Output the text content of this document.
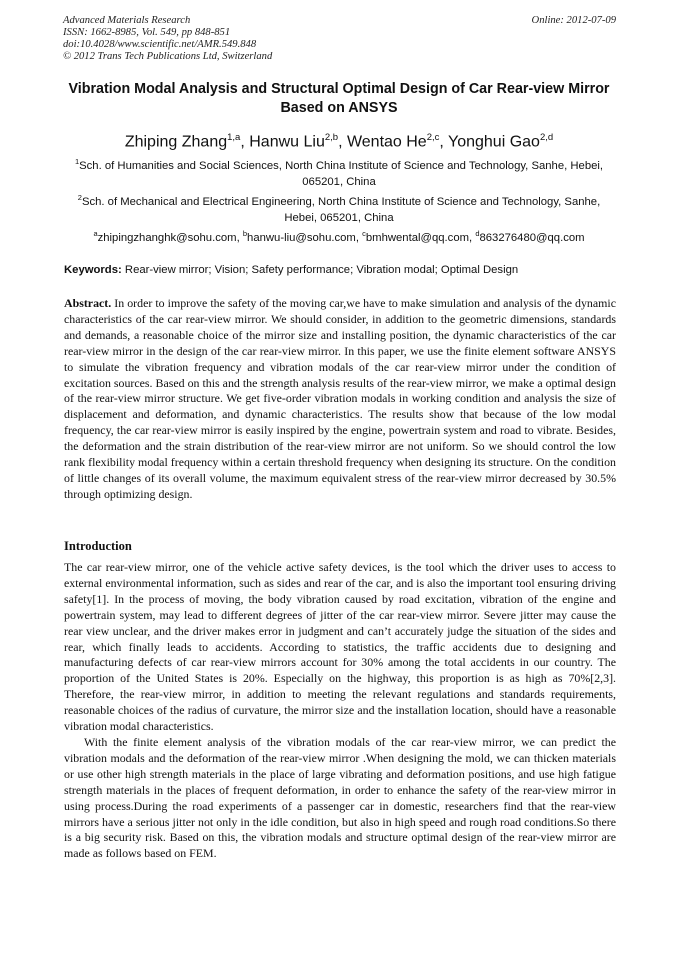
Advanced Materials Research
ISSN: 1662-8985, Vol. 549, pp 848-851
doi:10.4028/www.scientific.net/AMR.549.848
© 2012 Trans Tech Publications Ltd, Switzerland
Online: 2012-07-09
Vibration Modal Analysis and Structural Optimal Design of Car Rear-view Mirror Based on ANSYS
Zhiping Zhang$^{1,a}$, Hanwu Liu$^{2,b}$, Wentao He$^{2,c}$, Yonghui Gao$^{2,d}$
$^1$Sch. of Humanities and Social Sciences, North China Institute of Science and Technology, Sanhe, Hebei, 065201, China
$^2$Sch. of Mechanical and Electrical Engineering, North China Institute of Science and Technology, Sanhe, Hebei, 065201, China
$^a$zhipingzhanghk@sohu.com, $^b$hanwu-liu@sohu.com, $^c$bmhwental@qq.com, $^d$863276480@qq.com
Keywords: Rear-view mirror; Vision; Safety performance; Vibration modal; Optimal Design
Abstract. In order to improve the safety of the moving car,we have to make simulation and analysis of the dynamic characteristics of the car rear-view mirror. We should consider, in addition to the geometric dimensions, standards and demands, a reasonable choice of the mirror size and installing position, the dynamic characteristics of the car rear-view mirror in the design of the car rear-view mirror. In this paper, we use the finite element software ANSYS to simulate the vibration frequency and vibration modals of the car rear-view mirror under the condition of excitation sources. Based on this and the strength analysis results of the rear-view mirror, we make a optimal design of the rear-view mirror structure. We get five-order vibration modals in working condition and analysis the size of displacement and deformation, and dynamic characteristics. The results show that because of the low modal frequency, the car rear-view mirror is easily inspired by the engine, powertrain system and road to vibrate. Besides, the deformation and the strain distribution of the rear-view mirror are not uniform. So we should control the low rank flexibility modal frequency within a certain threshold frequency when designing its structure. On the condition of little changes of its overall volume, the maximum equivalent stress of the rear-view mirror decreased by 30.5% through optimizing design.
Introduction

The car rear-view mirror, one of the vehicle active safety devices, is the tool which the driver uses to access to external environmental information, such as sides and rear of the car, and is also the important tool ensuring driving safety[1]. In the process of moving, the body vibration caused by road excitation, vibration of the engine and powertrain system, may lead to different degrees of jitter of the car rear-view mirror. Severe jitter may cause the rear view unclear, and the driver makes error in judgment and can’t accurately judge the situation of the sides and rear, which finally leads to accidents. According to statistics, the traffic accidents due to designing and manufacturing defects of car rear-view mirrors account for 30% among the total accidents in our country. The proportion of the United States is 20%. Especially on the highway, this proportion is as high as 70%[2,3]. Therefore, the rear-view mirror, in addition to meeting the relevant regulations and standards requirements, reasonable choices of the radius of curvature, the mirror size and the installation location, should have a reasonable vibration modal characteristics.

With the finite element analysis of the vibration modals of the car rear-view mirror, we can predict the vibration modals and the deformation of the rear-view mirror .When designing the mold, we can thicken materials or use other high strength materials in the place of large vibrating and deformation positions, and use high fatigue strength materials in the places of frequent deformation, in order to enhance the safety of the rear-view mirror in using process.During the road experiments of a passenger car in domestic, researchers find that the rear-view mirrors have a serious jitter not only in the idle condition, but also in high speed and rough road conditions.So there is a big security risk. Based on this, the vibration modals and structure optimal design of the rear-view mirror are made as follows based on FEM.
